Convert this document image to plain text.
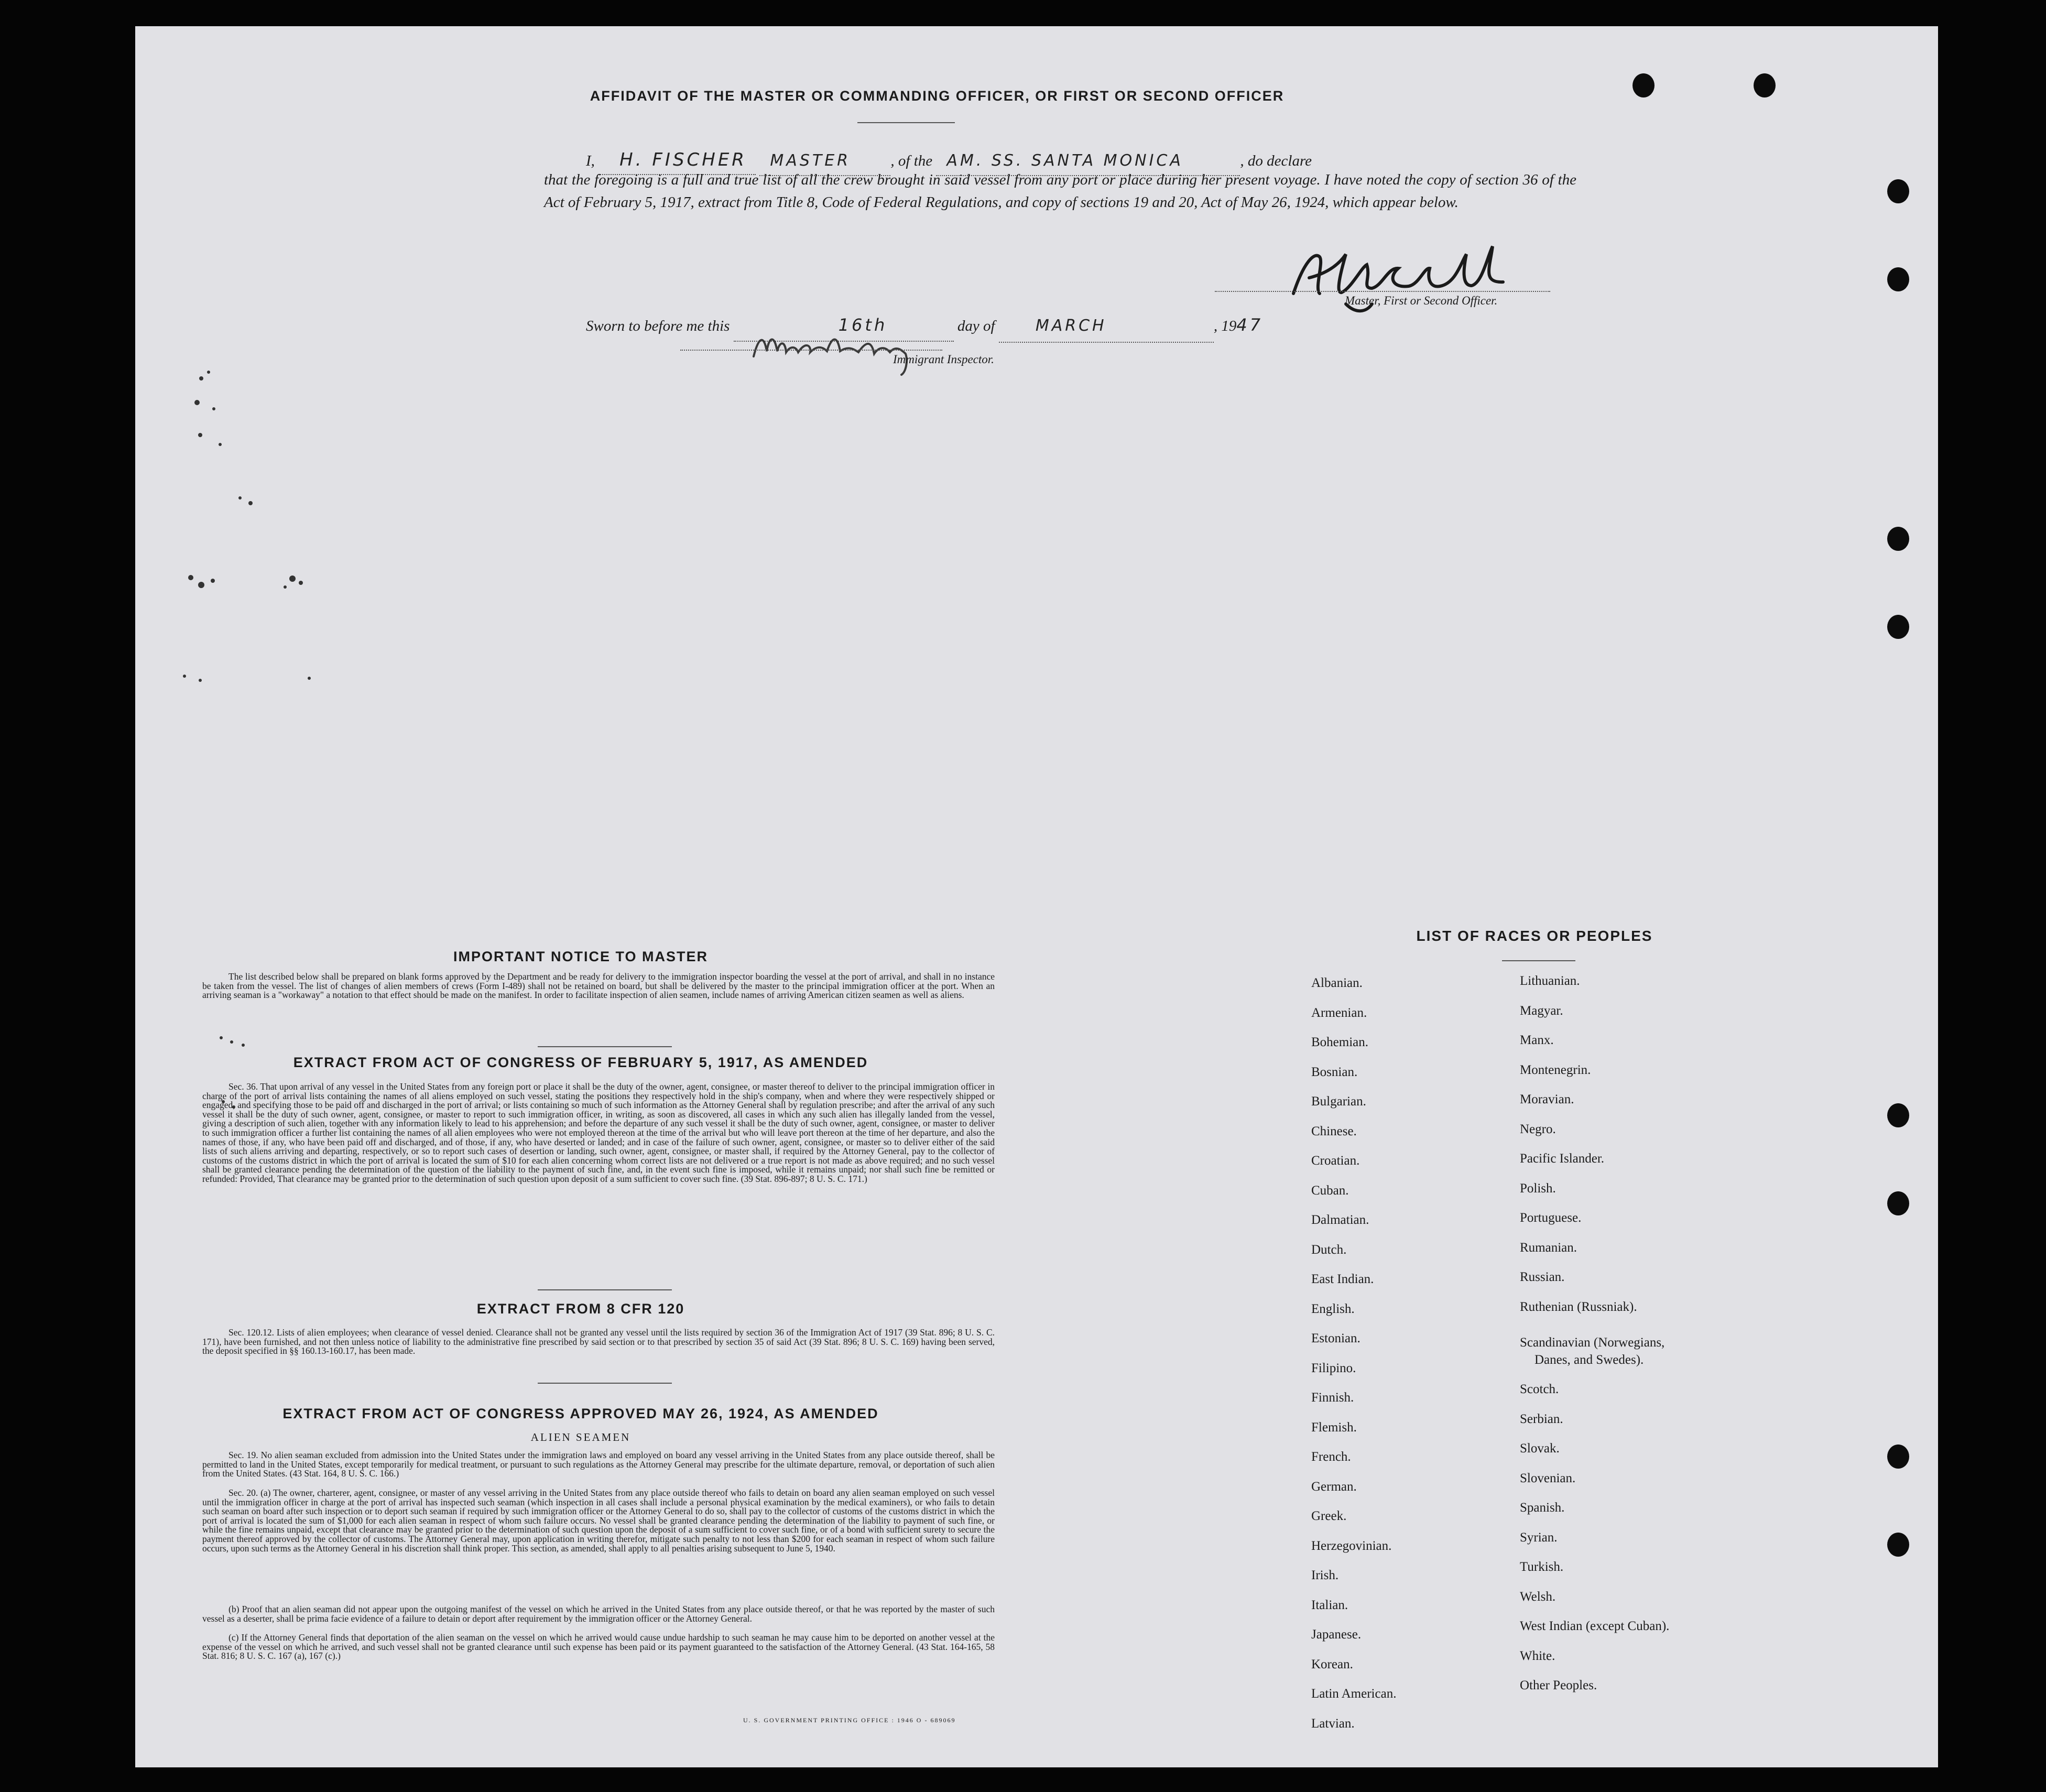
AFFIDAVIT OF THE MASTER OR COMMANDING OFFICER, OR FIRST OR SECOND OFFICER
I, H. FISCHER MASTER	, of the AM. SS. SANTA MONICA	, do declare
that the foregoing is a full and true list of all the crew brought in said vessel from any port or place during her present voyage. I have noted the copy of section 36 of the Act of February 5, 1917, extract from Title 8, Code of Federal Regulations, and copy of sections 19 and 20, Act of May 26, 1924, which appear below.
Master, First or Second Officer.
Sworn to before me this	16th	day of	MARCH	, 1947
Immigrant Inspector.
IMPORTANT NOTICE TO MASTER
The list described below shall be prepared on blank forms approved by the Department and be ready for delivery to the immigration inspector boarding the vessel at the port of arrival, and shall in no instance be taken from the vessel. The list of changes of alien members of crews (Form I-489) shall not be retained on board, but shall be delivered by the master to the principal immigration officer at the port. When an arriving seaman is a "workaway" a notation to that effect should be made on the manifest. In order to facilitate inspection of alien seamen, include names of arriving American citizen seamen as well as aliens.
EXTRACT FROM ACT OF CONGRESS OF FEBRUARY 5, 1917, AS AMENDED
Sec. 36. That upon arrival of any vessel in the United States from any foreign port or place it shall be the duty of the owner, agent, consignee, or master thereof to deliver to the principal immigration officer in charge of the port of arrival lists containing the names of all aliens employed on such vessel, stating the positions they respectively hold in the ship's company, when and where they were respectively shipped or engaged, and specifying those to be paid off and discharged in the port of arrival; or lists containing so much of such information as the Attorney General shall by regulation prescribe; and after the arrival of any such vessel it shall be the duty of such owner, agent, consignee, or master to report to such immigration officer, in writing, as soon as discovered, all cases in which any such alien has illegally landed from the vessel, giving a description of such alien, together with any information likely to lead to his apprehension; and before the departure of any such vessel it shall be the duty of such owner, agent, consignee, or master to deliver to such immigration officer a further list containing the names of all alien employees who were not employed thereon at the time of the arrival but who will leave port thereon at the time of her departure, and also the names of those, if any, who have been paid off and discharged, and of those, if any, who have deserted or landed; and in case of the failure of such owner, agent, consignee, or master so to deliver either of the said lists of such aliens arriving and departing, respectively, or so to report such cases of desertion or landing, such owner, agent, consignee, or master shall, if required by the Attorney General, pay to the collector of customs of the customs district in which the port of arrival is located the sum of $10 for each alien concerning whom correct lists are not delivered or a true report is not made as above required; and no such vessel shall be granted clearance pending the determination of the question of the liability to the payment of such fine, and, in the event such fine is imposed, while it remains unpaid; nor shall such fine be remitted or refunded: Provided, That clearance may be granted prior to the determination of such question upon deposit of a sum sufficient to cover such fine. (39 Stat. 896-897; 8 U. S. C. 171.)
EXTRACT FROM 8 CFR 120
Sec. 120.12. Lists of alien employees; when clearance of vessel denied. Clearance shall not be granted any vessel until the lists required by section 36 of the Immigration Act of 1917 (39 Stat. 896; 8 U. S. C. 171), have been furnished, and not then unless notice of liability to the administrative fine prescribed by said section or to that prescribed by section 35 of said Act (39 Stat. 896; 8 U. S. C. 169) having been served, the deposit specified in §§ 160.13-160.17, has been made.
EXTRACT FROM ACT OF CONGRESS APPROVED MAY 26, 1924, AS AMENDED
ALIEN SEAMEN
Sec. 19. No alien seaman excluded from admission into the United States under the immigration laws and employed on board any vessel arriving in the United States from any place outside thereof, shall be permitted to land in the United States, except temporarily for medical treatment, or pursuant to such regulations as the Attorney General may prescribe for the ultimate departure, removal, or deportation of such alien from the United States. (43 Stat. 164, 8 U. S. C. 166.)
Sec. 20. (a) The owner, charterer, agent, consignee, or master of any vessel arriving in the United States from any place outside thereof who fails to detain on board any alien seaman employed on such vessel until the immigration officer in charge at the port of arrival has inspected such seaman (which inspection in all cases shall include a personal physical examination by the medical examiners), or who fails to detain such seaman on board after such inspection or to deport such seaman if required by such immigration officer or the Attorney General to do so, shall pay to the collector of customs of the customs district in which the port of arrival is located the sum of $1,000 for each alien seaman in respect of whom such failure occurs. No vessel shall be granted clearance pending the determination of the liability to payment of such fine, or while the fine remains unpaid, except that clearance may be granted prior to the determination of such question upon the deposit of a sum sufficient to cover such fine, or of a bond with sufficient surety to secure the payment thereof approved by the collector of customs. The Attorney General may, upon application in writing therefor, mitigate such penalty to not less than $200 for each seaman in respect of whom such failure occurs, upon such terms as the Attorney General in his discretion shall think proper. This section, as amended, shall apply to all penalties arising subsequent to June 5, 1940.
(b) Proof that an alien seaman did not appear upon the outgoing manifest of the vessel on which he arrived in the United States from any place outside thereof, or that he was reported by the master of such vessel as a deserter, shall be prima facie evidence of a failure to detain or deport after requirement by the immigration officer or the Attorney General.
(c) If the Attorney General finds that deportation of the alien seaman on the vessel on which he arrived would cause undue hardship to such seaman he may cause him to be deported on another vessel at the expense of the vessel on which he arrived, and such vessel shall not be granted clearance until such expense has been paid or its payment guaranteed to the satisfaction of the Attorney General. (43 Stat. 164-165, 58 Stat. 816; 8 U. S. C. 167 (a), 167 (c).)
U. S. GOVERNMENT PRINTING OFFICE : 1946 O - 689069
LIST OF RACES OR PEOPLES
Albanian.
Armenian.
Bohemian.
Bosnian.
Bulgarian.
Chinese.
Croatian.
Cuban.
Dalmatian.
Dutch.
East Indian.
English.
Estonian.
Filipino.
Finnish.
Flemish.
French.
German.
Greek.
Herzegovinian.
Irish.
Italian.
Japanese.
Korean.
Latin American.
Latvian.
Lithuanian.
Magyar.
Manx.
Montenegrin.
Moravian.
Negro.
Pacific Islander.
Polish.
Portuguese.
Rumanian.
Russian.
Ruthenian (Russniak).
Scandinavian (Norwegians,
Danes, and Swedes).
Scotch.
Serbian.
Slovak.
Slovenian.
Spanish.
Syrian.
Turkish.
Welsh.
West Indian (except Cuban).
White.
Other Peoples.
